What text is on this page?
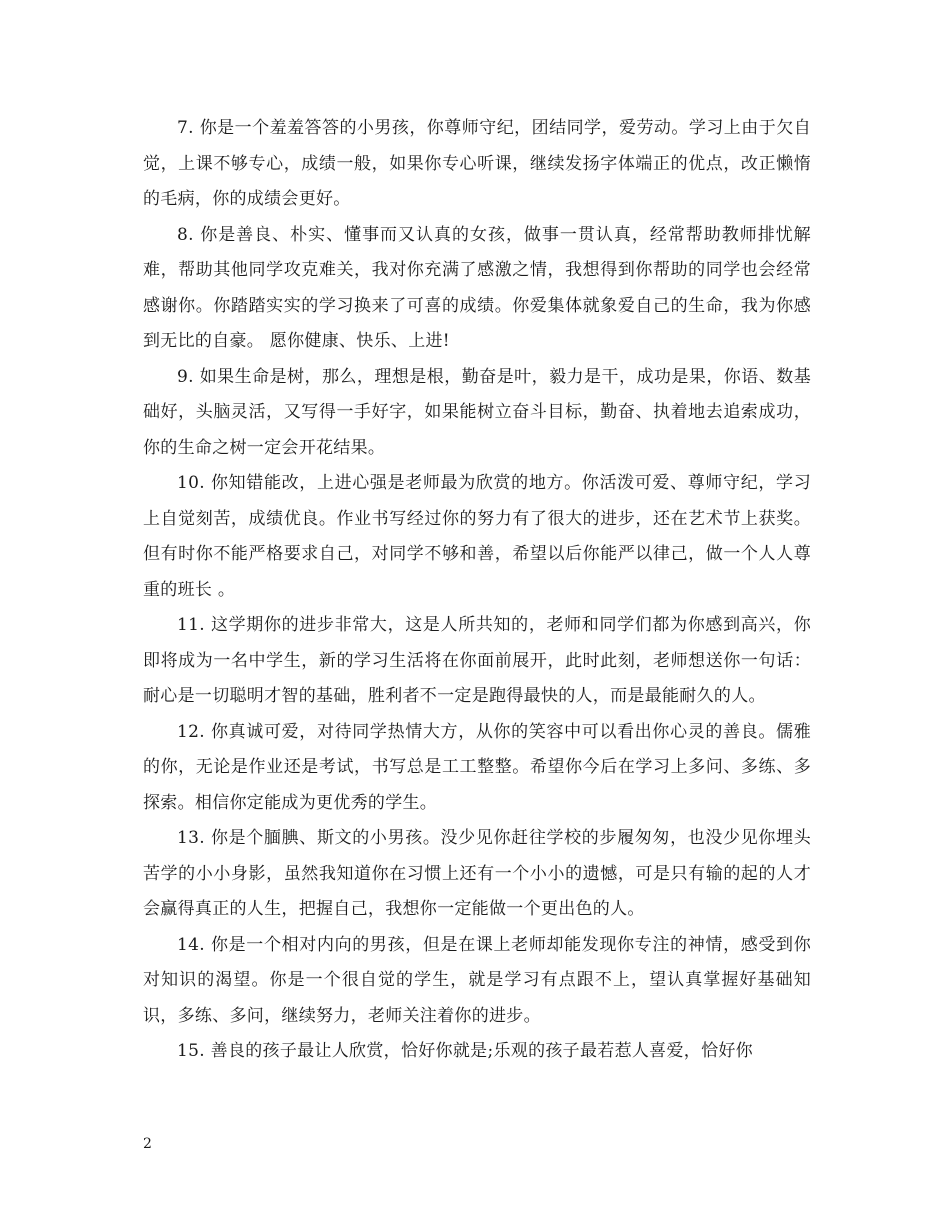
7. 你是一个羞羞答答的小男孩，你尊师守纪，团结同学，爱劳动。学习上由于欠自觉，上课不够专心，成绩一般，如果你专心听课，继续发扬字体端正的优点，改正懒惰的毛病，你的成绩会更好。

8. 你是善良、朴实、懂事而又认真的女孩，做事一贯认真，经常帮助教师排忧解难，帮助其他同学攻克难关，我对你充满了感激之情，我想得到你帮助的同学也会经常感谢你。你踏踏实实的学习换来了可喜的成绩。你爱集体就象爱自己的生命，我为你感到无比的自豪。 愿你健康、快乐、上进!

9. 如果生命是树，那么，理想是根，勤奋是叶，毅力是干，成功是果，你语、数基础好，头脑灵活，又写得一手好字，如果能树立奋斗目标，勤奋、执着地去追索成功，你的生命之树一定会开花结果。

10. 你知错能改，上进心强是老师最为欣赏的地方。你活泼可爱、尊师守纪，学习上自觉刻苦，成绩优良。作业书写经过你的努力有了很大的进步，还在艺术节上获奖。但有时你不能严格要求自己，对同学不够和善，希望以后你能严以律己，做一个人人尊重的班长 。

11. 这学期你的进步非常大，这是人所共知的，老师和同学们都为你感到高兴，你即将成为一名中学生，新的学习生活将在你面前展开，此时此刻，老师想送你一句话：耐心是一切聪明才智的基础，胜利者不一定是跑得最快的人，而是最能耐久的人。

12. 你真诚可爱，对待同学热情大方，从你的笑容中可以看出你心灵的善良。儒雅的你，无论是作业还是考试，书写总是工工整整。希望你今后在学习上多问、多练、多探索。相信你定能成为更优秀的学生。

13. 你是个腼腆、斯文的小男孩。没少见你赶往学校的步履匆匆，也没少见你埋头苦学的小小身影，虽然我知道你在习惯上还有一个小小的遗憾，可是只有输的起的人才会赢得真正的人生，把握自己，我想你一定能做一个更出色的人。

14. 你是一个相对内向的男孩，但是在课上老师却能发现你专注的神情，感受到你对知识的渴望。你是一个很自觉的学生，就是学习有点跟不上，望认真掌握好基础知识，多练、多问，继续努力，老师关注着你的进步。

15. 善良的孩子最让人欣赏，恰好你就是;乐观的孩子最若惹人喜爱，恰好你

2
